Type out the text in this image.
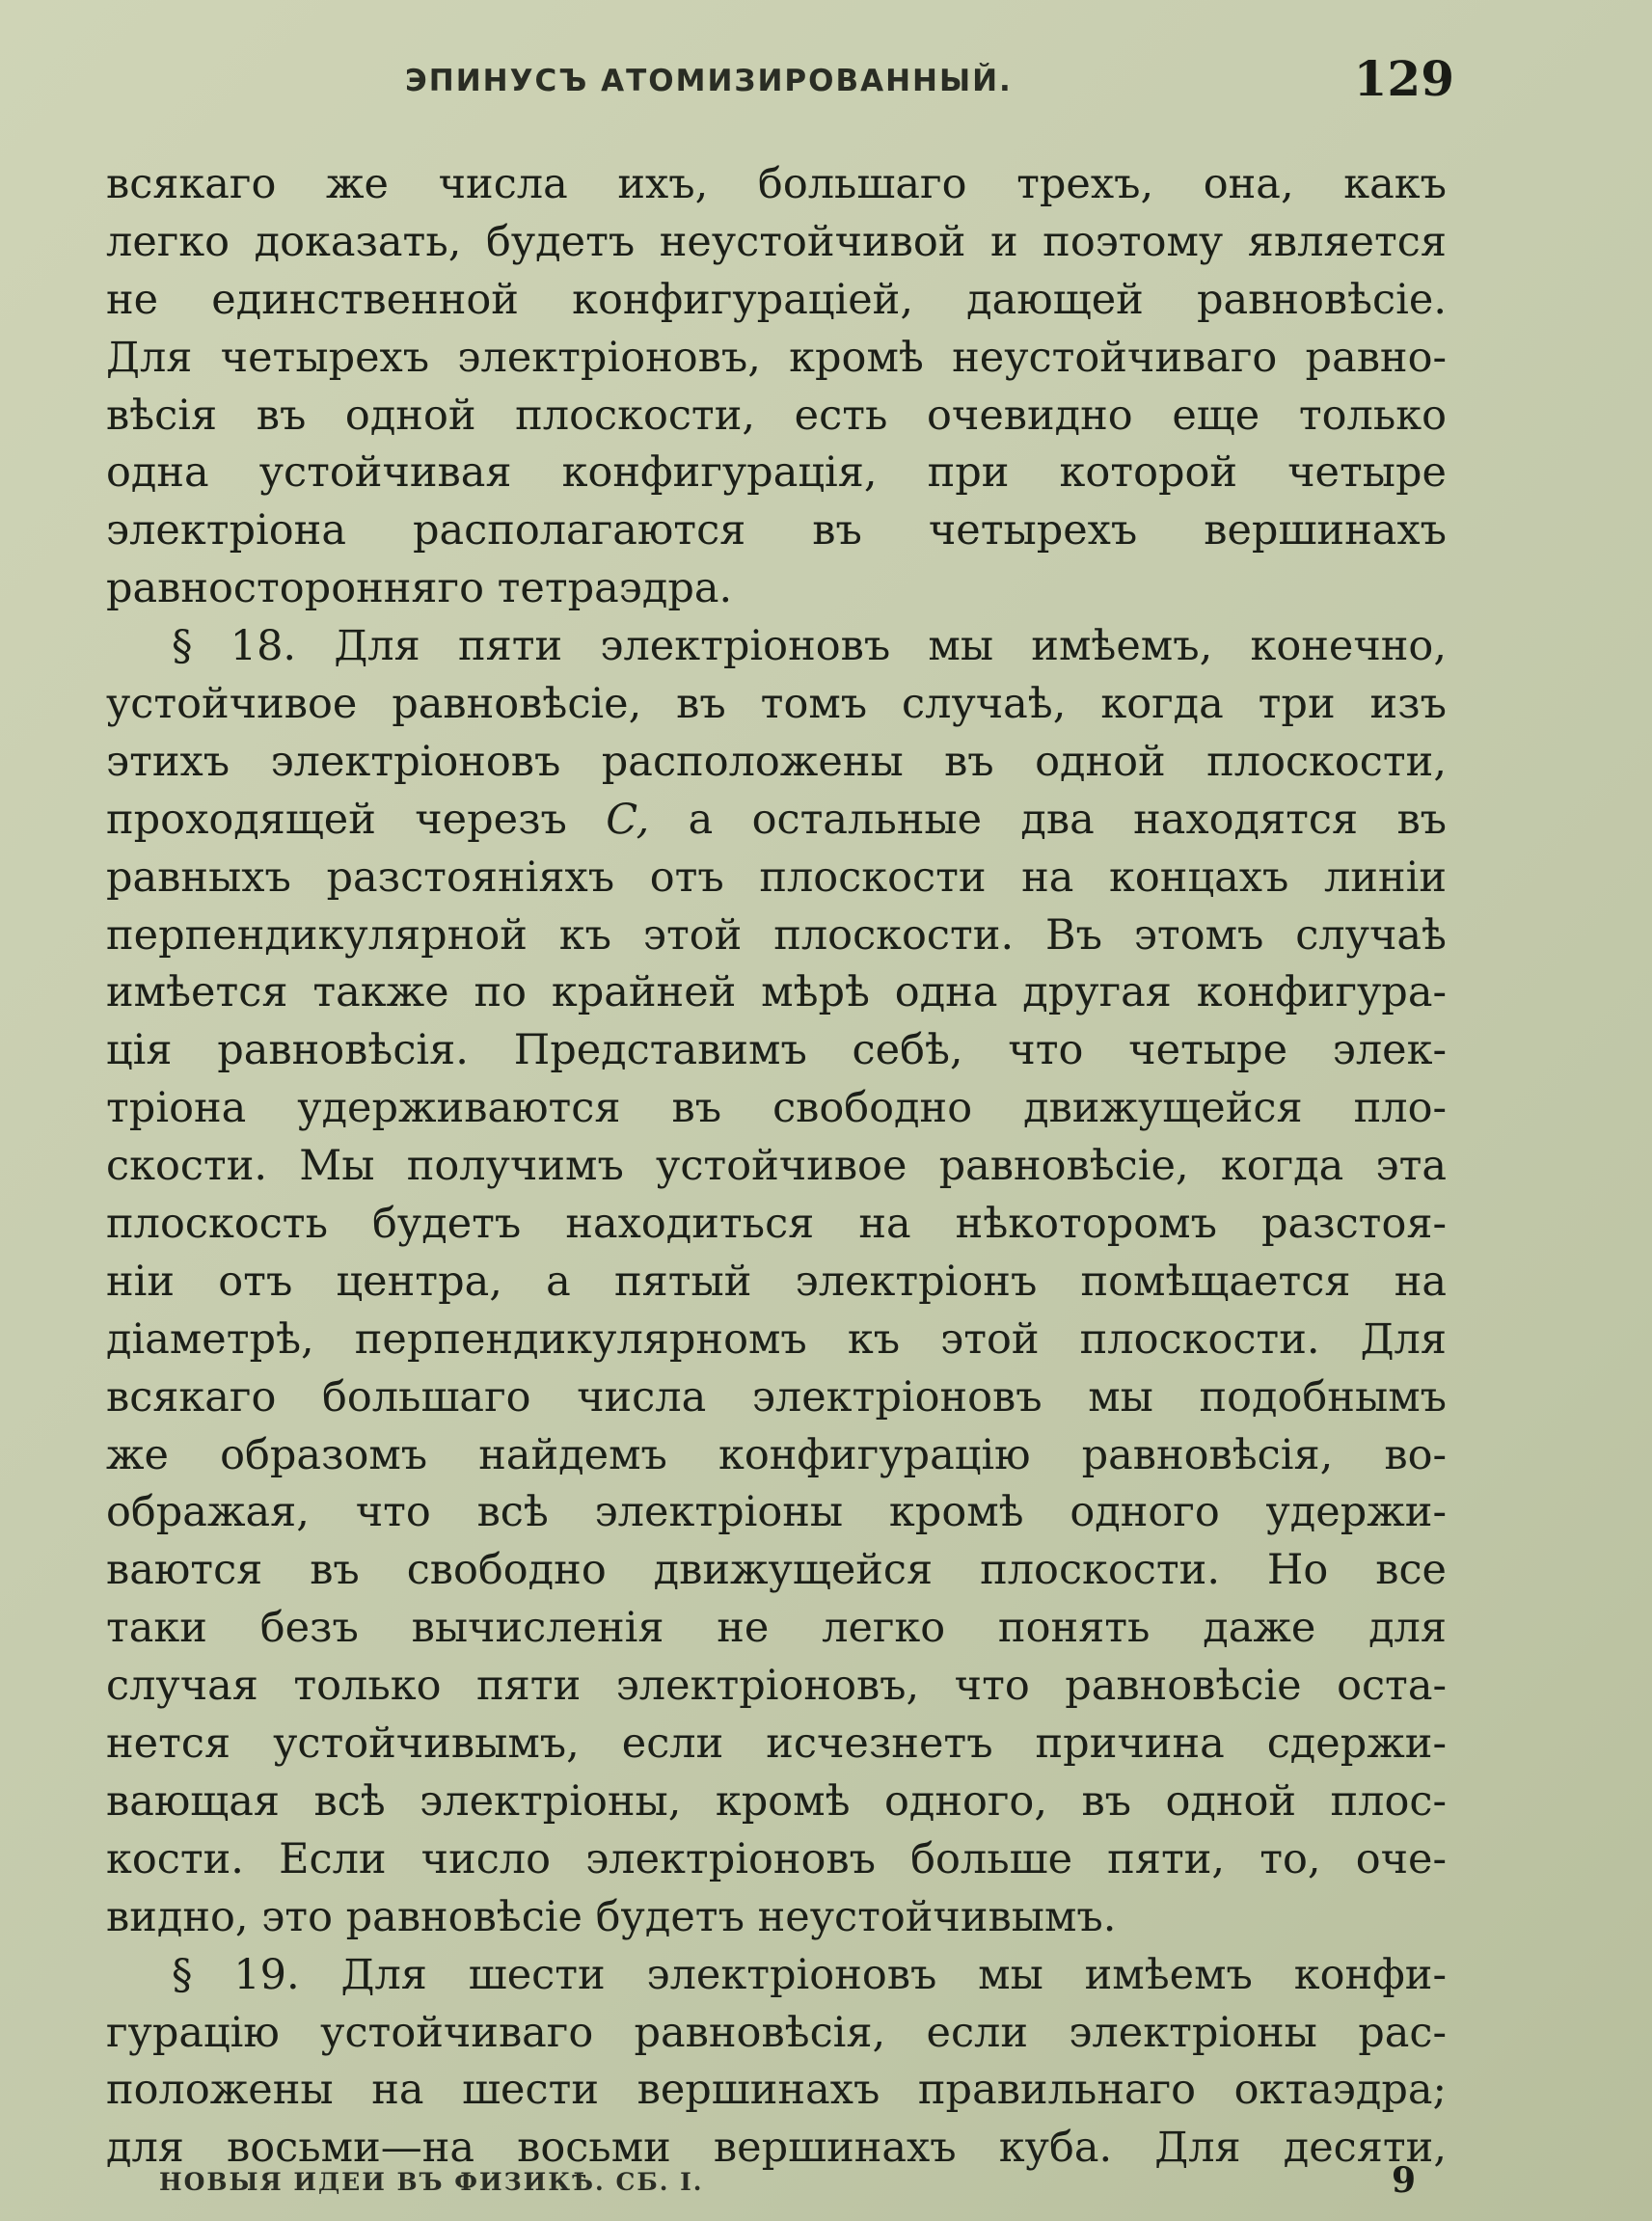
ЭПИНУСЪ АТОМИЗИРОВАННЫЙ.	129
всякаго же числа ихъ, большаго трехъ, она, какъ
легко доказать, будетъ неустойчивой и поэтому является
не единственной конфигураціей, дающей равновѣсіе.
Для четырехъ электріоновъ, кромѣ неустойчиваго равно-
вѣсія въ одной плоскости, есть очевидно еще только
одна устойчивая конфигурація, при которой четыре
электріона располагаются въ четырехъ вершинахъ
равносторонняго тетраэдра.
§ 18. Для пяти электріоновъ мы имѣемъ, конечно,
устойчивое равновѣсіе, въ томъ случаѣ, когда три изъ
этихъ электріоновъ расположены въ одной плоскости,
проходящей черезъ C, а остальные два находятся въ
равныхъ разстояніяхъ отъ плоскости на концахъ линіи
перпендикулярной къ этой плоскости. Въ этомъ случаѣ
имѣется также по крайней мѣрѣ одна другая конфигура-
ція равновѣсія. Представимъ себѣ, что четыре элек-
тріона удерживаются въ свободно движущейся пло-
скости. Мы получимъ устойчивое равновѣсіе, когда эта
плоскость будетъ находиться на нѣкоторомъ разстоя-
ніи отъ центра, а пятый электріонъ помѣщается на
діаметрѣ, перпендикулярномъ къ этой плоскости. Для
всякаго большаго числа электріоновъ мы подобнымъ
же образомъ найдемъ конфигурацію равновѣсія, во-
ображая, что всѣ электріоны кромѣ одного удержи-
ваются въ свободно движущейся плоскости. Но все
таки безъ вычисленія не легко понять даже для
случая только пяти электріоновъ, что равновѣсіе оста-
нется устойчивымъ, если исчезнетъ причина сдержи-
вающая всѣ электріоны, кромѣ одного, въ одной плос-
кости. Если число электріоновъ больше пяти, то, оче-
видно, это равновѣсіе будетъ неустойчивымъ.
§ 19. Для шести электріоновъ мы имѣемъ конфи-
гурацію устойчиваго равновѣсія, если электріоны рас-
положены на шести вершинахъ правильнаго октаэдра;
для восьми—на восьми вершинахъ куба. Для десяти,
НОВЫЯ ИДЕИ ВЪ ФИЗИКѢ. СБ. I.	9
